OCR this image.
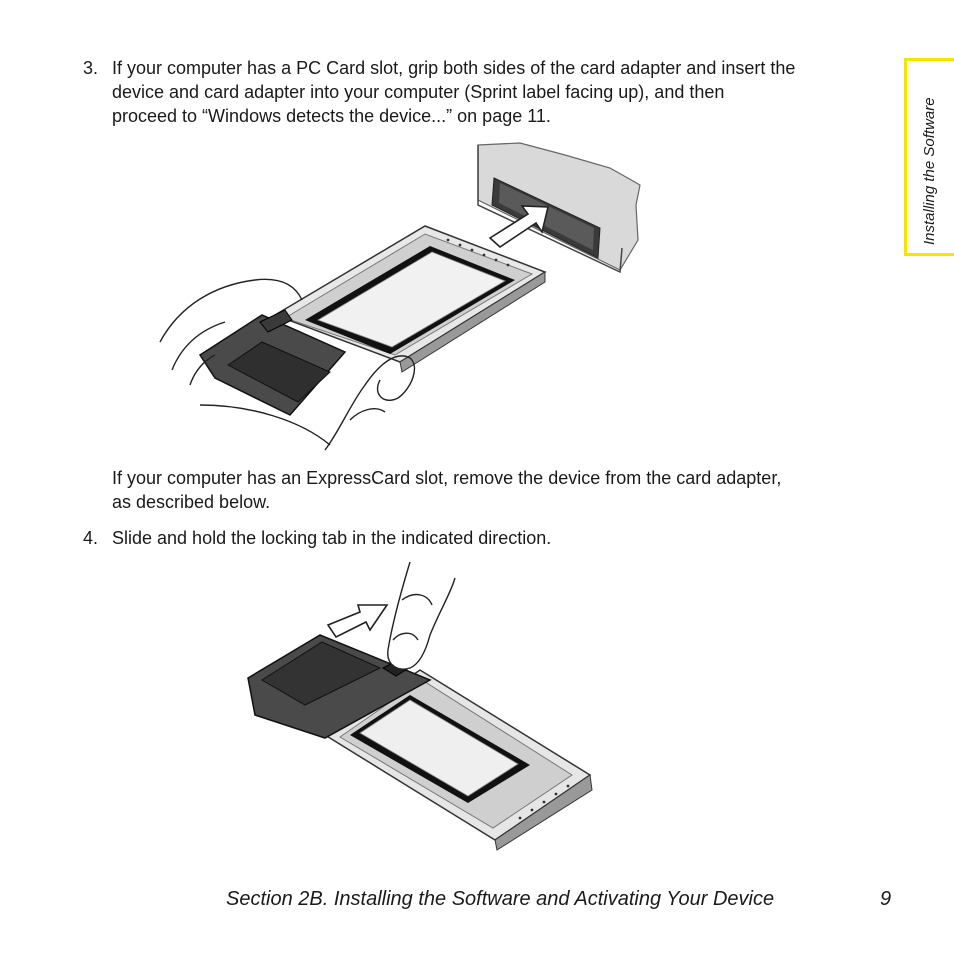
Installing the Software
3. If your computer has a PC Card slot, grip both sides of the card adapter and insert the
device and card adapter into your computer (Sprint label facing up), and then
proceed to “Windows detects the device...” on page 11.
If your computer has an ExpressCard slot, remove the device from the card adapter,
as described below.
4. Slide and hold the locking tab in the indicated direction.
Section 2B. Installing the Software and Activating Your Device	9
